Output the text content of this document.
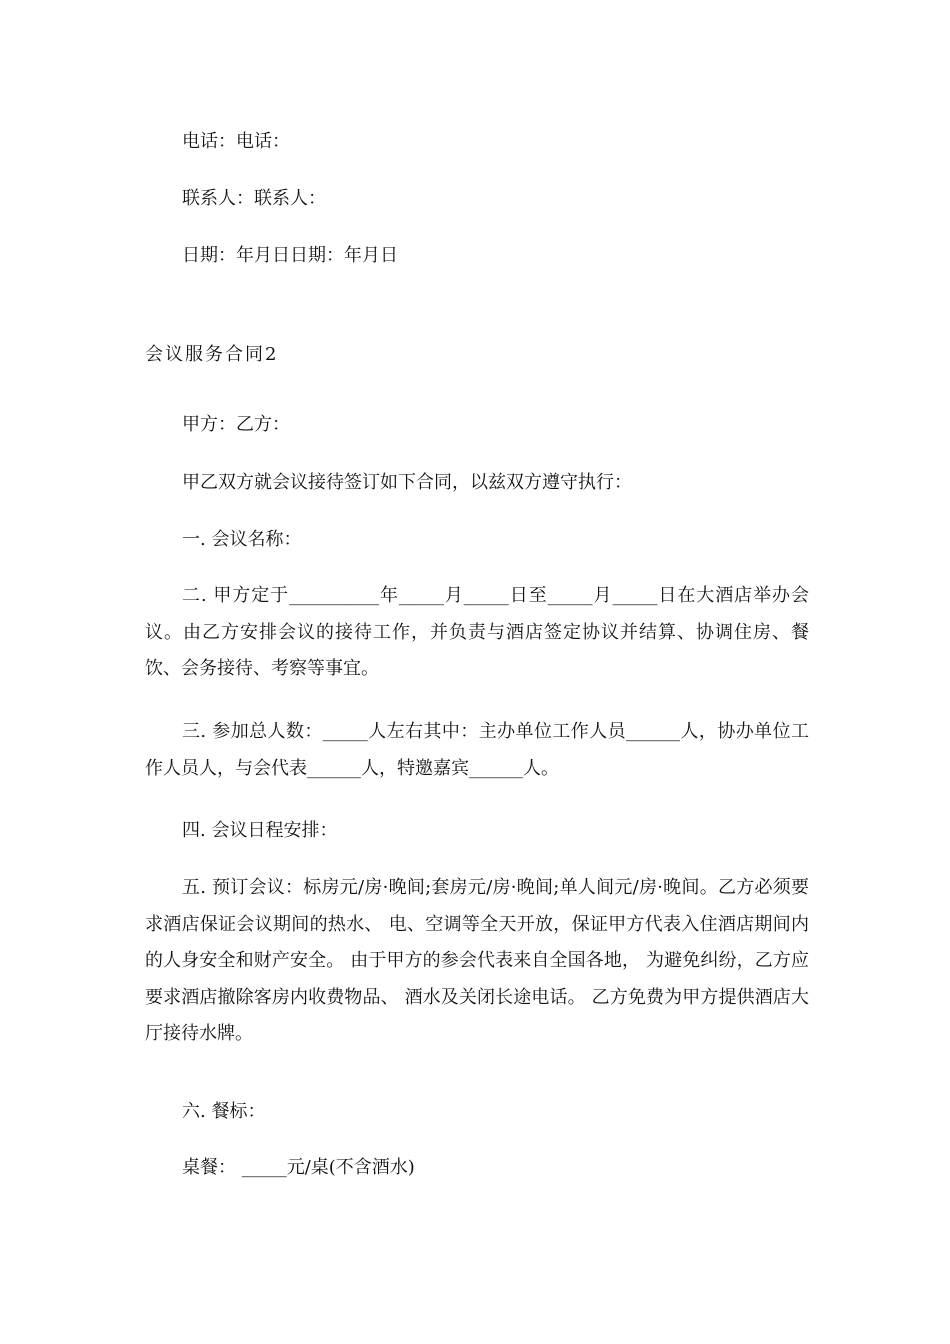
电话：电话：
联系人：联系人：
日期：年月日日期：年月日
会议服务合同2
甲方：乙方：
甲乙双方就会议接待签订如下合同，以兹双方遵守执行：
一. 会议名称：
二. 甲方定于__________年_____月_____日至_____月_____日在大酒店举办会议。由乙方安排会议的接待工作，并负责与酒店签定协议并结算、协调住房、餐饮、会务接待、考察等事宜。
三. 参加总人数：_____人左右其中：主办单位工作人员______人，协办单位工作人员人，与会代表______人，特邀嘉宾______人。
四. 会议日程安排：
五. 预订会议：标房元/房·晚间;套房元/房·晚间;单人间元/房·晚间。乙方必须要求酒店保证会议期间的热水、 电、空调等全天开放，保证甲方代表入住酒店期间内的人身安全和财产安全。 由于甲方的参会代表来自全国各地， 为避免纠纷，乙方应要求酒店撤除客房内收费物品、 酒水及关闭长途电话。 乙方免费为甲方提供酒店大厅接待水牌。
六. 餐标：
桌餐： _____元/桌(不含酒水)
